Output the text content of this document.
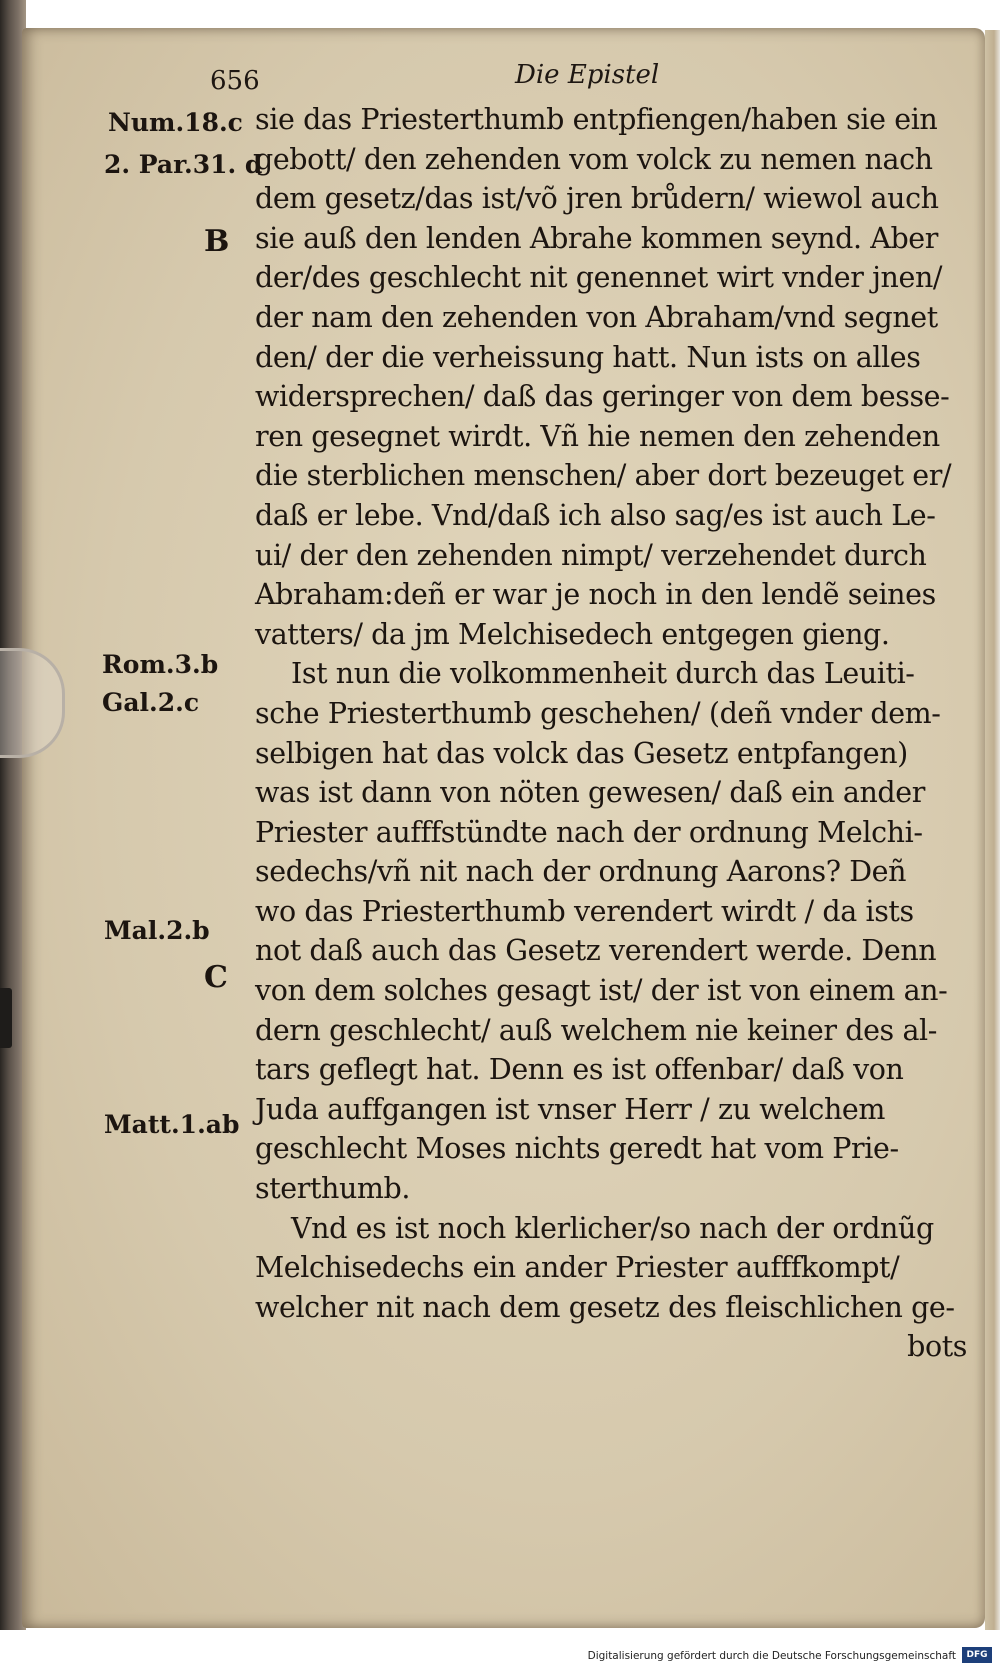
656	Die Epistel
Num.18.c
2. Par.31. d
B
Rom.3.b
Gal.2.c
Mal.2.b
C
Matt.1.ab
sie das Priesterthumb entpfiengen/haben sie ein
gebott/ den zehenden vom volck zu nemen nach
dem gesetz/das ist/võ jren brůdern/ wiewol auch
sie auß den lenden Abrahe kommen seynd. Aber
der/des geschlecht nit genennet wirt vnder jnen/
der nam den zehenden von Abraham/vnd segnet
den/ der die verheissung hatt. Nun ists on alles
widersprechen/ daß das geringer von dem besse-
ren gesegnet wirdt. Vñ hie nemen den zehenden
die sterblichen menschen/ aber dort bezeuget er/
daß er lebe. Vnd/daß ich also sag/es ist auch Le-
ui/ der den zehenden nimpt/ verzehendet durch
Abraham:deñ er war je noch in den lendẽ seines
vatters/ da jm Melchisedech entgegen gieng.
Ist nun die volkommenheit durch das Leuiti-
sche Priesterthumb geschehen/ (deñ vnder dem-
selbigen hat das volck das Gesetz entpfangen)
was ist dann von nöten gewesen/ daß ein ander
Priester aufffstündte nach der ordnung Melchi-
sedechs/vñ nit nach der ordnung Aarons? Deñ
wo das Priesterthumb verendert wirdt / da ists
not daß auch das Gesetz verendert werde. Denn
von dem solches gesagt ist/ der ist von einem an-
dern geschlecht/ auß welchem nie keiner des al-
tars geflegt hat. Denn es ist offenbar/ daß von
Juda auffgangen ist vnser Herr / zu welchem
geschlecht Moses nichts geredt hat vom Prie-
sterthumb.
Vnd es ist noch klerlicher/so nach der ordnũg
Melchisedechs ein ander Priester aufffkompt/
welcher nit nach dem gesetz des fleischlichen ge-
bots
Digitalisierung gefördert durch die Deutsche Forschungsgemeinschaft	DFG
